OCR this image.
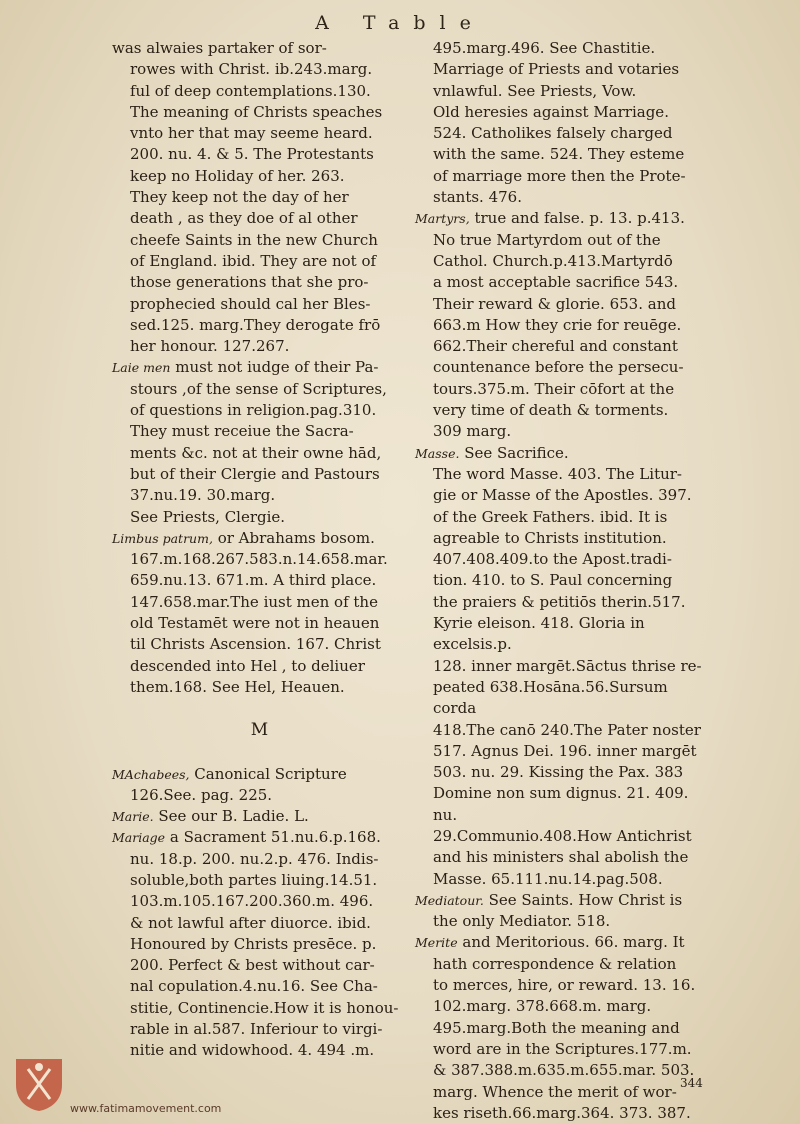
A Table
was alwaies partaker of sor-
rowes with Christ. ib.243.marg.
ful of deep contemplations.130.
The meaning of Christs speaches
vnto her that may seeme heard.
200. nu. 4. & 5. The Protestants
keep no Holiday of her. 263.
They keep not the day of her
death , as they doe of al other
cheefe Saints in the new Church
of England. ibid. They are not of
those generations that she pro-
prophecied should cal her Bles-
sed.125. marg.They derogate frō
her honour. 127.267.
Laie men must not iudge of their Pa-
stours ,of the sense of Scriptures,
of questions in religion.pag.310.
They must receiue the Sacra-
ments &c. not at their owne hād,
but of their Clergie and Pastours
37.nu.19. 30.marg.
See Priests, Clergie.
Limbus patrum, or Abrahams bosom.
167.m.168.267.583.n.14.658.mar.
659.nu.13. 671.m. A third place.
147.658.mar.The iust men of the
old Testamēt were not in heauen
til Christs Ascension. 167. Christ
descended into Hel , to deliuer
them.168. See Hel, Heauen.
M
MAchabees, Canonical Scripture
126.See. pag. 225.
Marie. See our B. Ladie. L.
Mariage a Sacrament 51.nu.6.p.168.
nu. 18.p. 200. nu.2.p. 476. Indis-
soluble,both partes liuing.14.51.
103.m.105.167.200.360.m. 496.
& not lawful after diuorce. ibid.
Honoured by Christs presēce. p.
200. Perfect & best without car-
nal copulation.4.nu.16. See Cha-
stitie, Continencie.How it is honou-
rable in al.587. Inferiour to virgi-
nitie and widowhood. 4. 494 .m.
495.marg.496. See Chastitie.
Marriage of Priests and votaries
vnlawful. See Priests, Vow.
Old heresies against Marriage.
524. Catholikes falsely charged
with the same. 524. They esteme
of marriage more then the Prote-
stants. 476.
Martyrs, true and false. p. 13. p.413.
No true Martyrdom out of the
Cathol. Church.p.413.Martyrdō
a most acceptable sacrifice 543.
Their reward & glorie. 653. and
663.m How they crie for reuēge.
662.Their chereful and constant
countenance before the persecu-
tours.375.m. Their cōfort at the
very time of death & torments.
309 marg.
Masse. See Sacrifice.
The word Masse. 403. The Litur-
gie or Masse of the Apostles. 397.
of the Greek Fathers. ibid. It is
agreable to Christs institution.
407.408.409.to the Apost.tradi-
tion. 410. to S. Paul concerning
the praiers & petitiōs therin.517.
Kyrie eleison. 418. Gloria in excelsis.p.
128. inner margēt.Sāctus thrise re-
peated 638.Hosāna.56.Sursum corda
418.The canō 240.The Pater noster
517. Agnus Dei. 196. inner margēt
503. nu. 29. Kissing the Pax. 383
Domine non sum dignus. 21. 409. nu.
29.Communio.408.How Antichrist
and his ministers shal abolish the
Masse. 65.111.nu.14.pag.508.
Mediatour. See Saints. How Christ is
the only Mediator. 518.
Merite and Meritorious. 66. marg. It
hath correspondence & relation
to merces, hire, or reward. 13. 16.
102.marg. 378.668.m. marg.
495.marg.Both the meaning and
word are in the Scriptures.177.m.
& 387.388.m.635.m.655.mar. 503.
marg. Whence the merit of wor-
kes riseth.66.marg.364. 373. 387.
344
www.fatimamovement.com
